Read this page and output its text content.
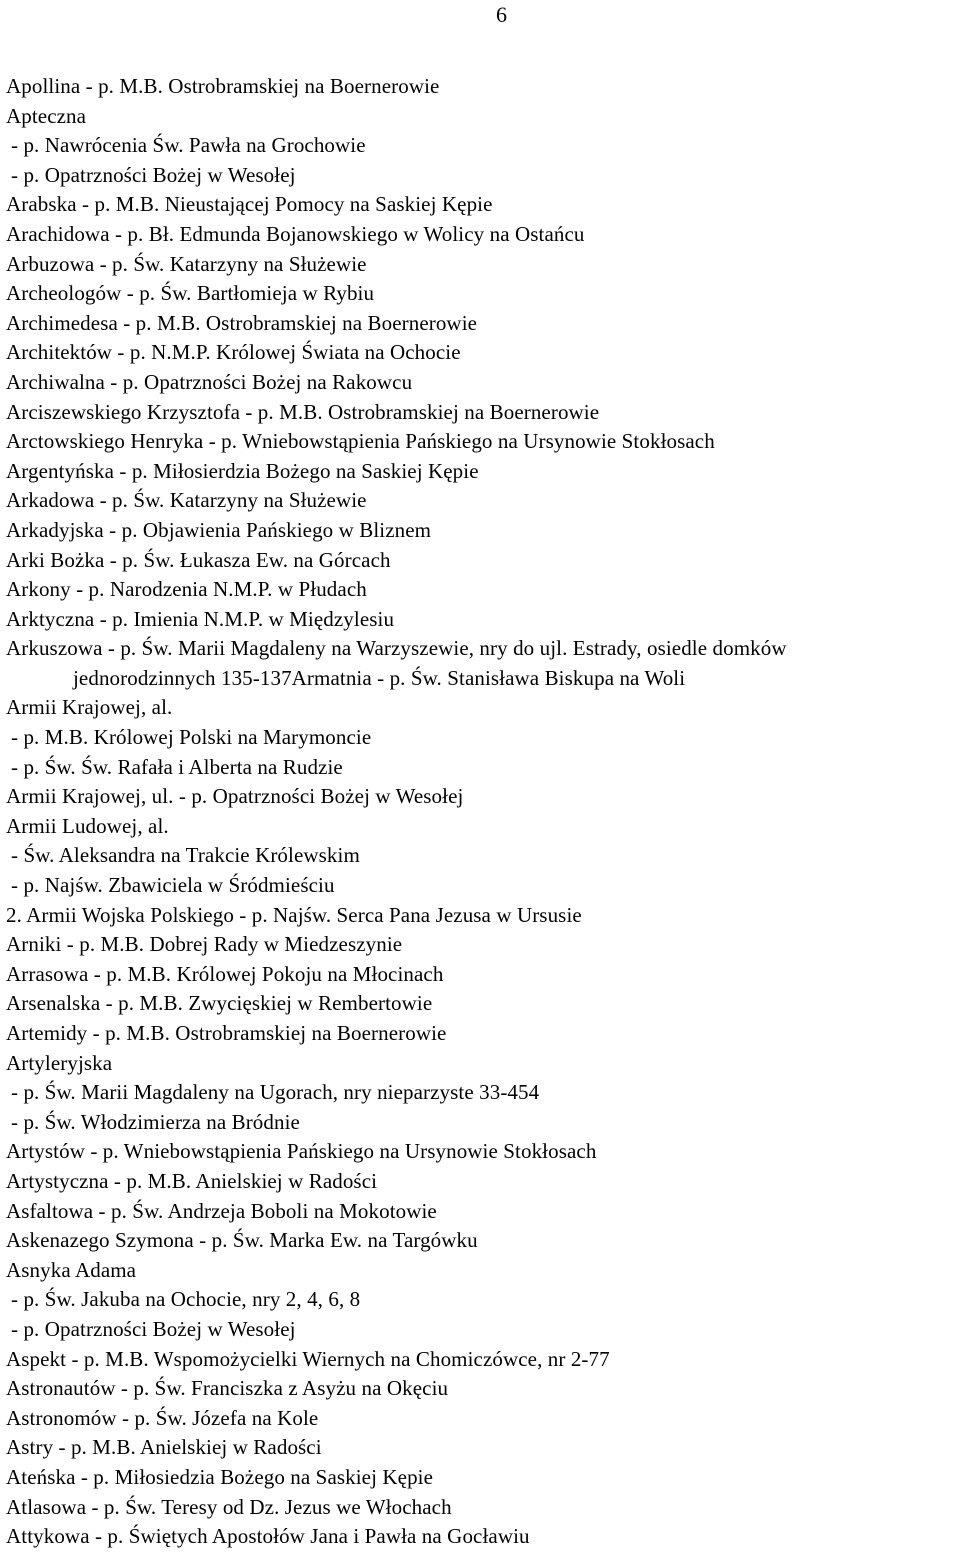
6
Apollina - p. M.B. Ostrobramskiej na Boernerowie
Apteczna
- p. Nawrócenia Św. Pawła na Grochowie
- p. Opatrzności Bożej w Wesołej
Arabska - p. M.B. Nieustającej Pomocy na Saskiej Kępie
Arachidowa - p. Bł. Edmunda Bojanowskiego w Wolicy na Ostańcu
Arbuzowa - p. Św. Katarzyny na Służewie
Archeologów - p. Św. Bartłomieja w Rybiu
Archimedesa - p. M.B. Ostrobramskiej na Boernerowie
Architektów - p. N.M.P. Królowej Świata na Ochocie
Archiwalna - p. Opatrzności Bożej na Rakowcu
Arciszewskiego Krzysztofa - p. M.B. Ostrobramskiej na Boernerowie
Arctowskiego Henryka - p. Wniebowstąpienia Pańskiego na Ursynowie Stokłosach
Argentyńska - p. Miłosierdzia Bożego na Saskiej Kępie
Arkadowa - p. Św. Katarzyny na Służewie
Arkadyjska - p. Objawienia Pańskiego w Bliznem
Arki Bożka - p. Św. Łukasza Ew. na Górcach
Arkony - p. Narodzenia N.M.P. w Płudach
Arktyczna - p. Imienia N.M.P. w Międzylesiu
Arkuszowa - p. Św. Marii Magdaleny na Warzyszewie, nry do ujl. Estrady, osiedle domków
jednorodzinnych 135-137Armatnia - p. Św. Stanisława Biskupa na Woli
Armii Krajowej, al.
- p. M.B. Królowej Polski na Marymoncie
- p. Św. Św. Rafała i Alberta na Rudzie
Armii Krajowej, ul. - p. Opatrzności Bożej w Wesołej
Armii Ludowej, al.
- Św. Aleksandra na Trakcie Królewskim
- p. Najśw. Zbawiciela w Śródmieściu
2. Armii Wojska Polskiego - p. Najśw. Serca Pana Jezusa w Ursusie
Arniki - p. M.B. Dobrej Rady w Miedzeszynie
Arrasowa - p. M.B. Królowej Pokoju na Młocinach
Arsenalska - p. M.B. Zwycięskiej w Rembertowie
Artemidy - p. M.B. Ostrobramskiej na Boernerowie
Artyleryjska
- p. Św. Marii Magdaleny na Ugorach, nry nieparzyste 33-454
- p. Św. Włodzimierza na Bródnie
Artystów - p. Wniebowstąpienia Pańskiego na Ursynowie Stokłosach
Artystyczna - p. M.B. Anielskiej w Radości
Asfaltowa - p. Św. Andrzeja Boboli na Mokotowie
Askenazego Szymona - p. Św. Marka Ew. na Targówku
Asnyka Adama
- p. Św. Jakuba na Ochocie, nry 2, 4, 6, 8
- p. Opatrzności Bożej w Wesołej
Aspekt - p. M.B. Wspomożycielki Wiernych na Chomiczówce, nr 2-77
Astronautów - p. Św. Franciszka z Asyżu na Okęciu
Astronomów - p. Św. Józefa na Kole
Astry - p. M.B. Anielskiej w Radości
Ateńska - p. Miłosiedzia Bożego na Saskiej Kępie
Atlasowa - p. Św. Teresy od Dz. Jezus we Włochach
Attykowa - p. Świętych Apostołów Jana i Pawła na Gocławiu
